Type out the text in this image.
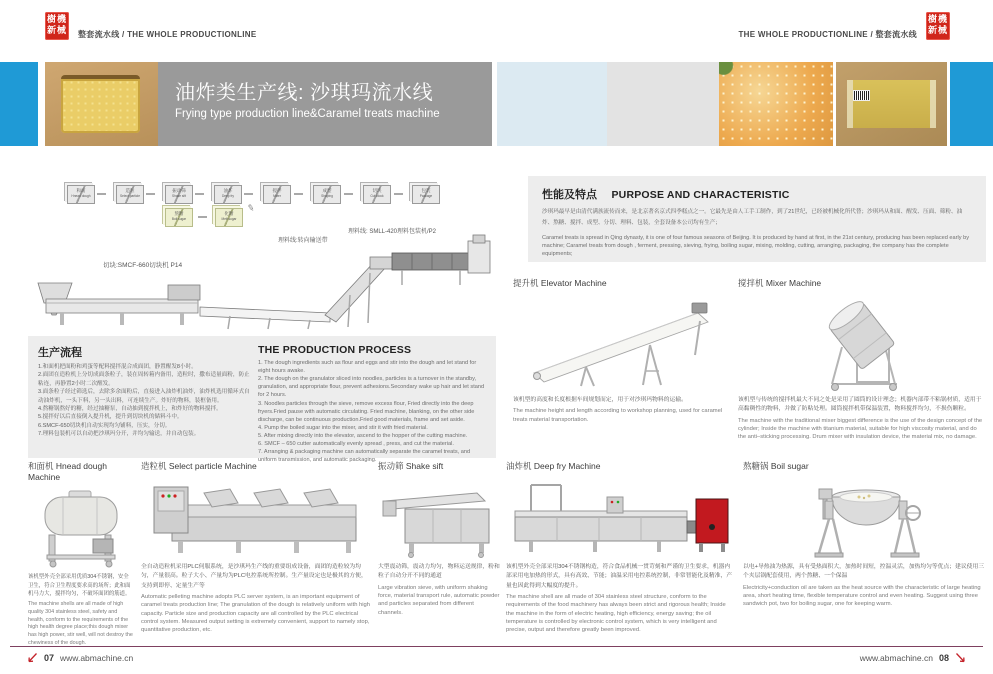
樹機
新械 整套流水线 / THE WHOLE PRODUCTIONLINE	THE WHOLE PRODUCTIONLINE / 整套流水线
樹機
新械
油炸类生产线: 沙琪玛流水线
Frying type production line&Caramel treats machine
和面
Hnead dough
造粒
Select particle
振动筛
Shake sift
油炸
Deep fry
搅拌
Mixer
成型
Shaping
切块
Cut block
包装
Package
熬糖
Boil sugar
化糖
Melt sugar
✎
切块:SMCF-660切块机 P14
理料线:转向输送带
理料线: SMLL-420理料包装机/P2
生产流程
1.和面机把面粉和鸡蛋等配料搅拌混合成面团，静置醒发8小时。
2.面团在造粒机上分切成面条粒子，装在周转箱内备用，造粒时，撒布适量面粉，防止粘连，再静置2小时二次醒发。
3.面条粒子经过筛选后，去除多余面粉后，直接进入油炸机油炸，油炸机选用循环式自动油炸机，一头下料，另一头出料，可连续生产。炸好的物料，装框备用。
4.熬糖锅熬好的糖，经过抽糖泵，自动抽到搅拌机上，和炸好的物料搅拌。
5.搅拌好以后直接倒入提升机，提升到切块机的储料斗中。
6.SMCF-650切块机自动实现均匀铺料，压实，分切。
7.理料包装机可以自动把沙琪玛分开，并均匀输送，并自动包装。
THE PRODUCTION PROCESS
1. The dough ingredients such as flour and eggs and stir into the dough and let stand for eight hours awake.
2. The dough on the granulator sliced into noodles, particles is a turnover in the standby, granulation, and appropriate flour, prevent adhesions.Secondary wake up hair and let stand for 2 hours.
3. Noodles particles through the sieve, remove excess flour, Fried directly into the deep fryers.Fried pause with automatic circulating. Fried machine, blanking, on the other side discharge, can be continuous production.Fried good materials, frame and set aside.
4. Pump the boiled sugar into the mixer, and stir it with fried material.
5. After mixing directly into the elevator, ascend to the hopper of the cutting machine.
6. SMCF – 650 cutter automatically evenly spread , press, and cut the material.
7. Arranging & packaging machine can automatically separate the caramel treats, and uniform transmission, and automatic packaging.
性能及特点 PURPOSE AND CHARACTERISTIC
沙琪玛最早是由清代满族流传而来，是北京著名京式四季糕点之一。它最先是由人工手工制作，到了21世纪，已经被机械化所代替；沙琪玛从和面、醒发、压面、筛粉、油炸、熬糖、搅拌、成型、分切、理料、包装，全套设备本公司均有生产；
Caramel treats is spread in Qing dynasty, it is one of four famous seasons of Beijing. It is produced by hand at first, in the 21st century, producing has been replaced early by machine; Caramel treats from dough , ferment, pressing, sieving, frying, boiling sugar, mixing, molding, cutting, arranging, packaging, the company has the complete equipments;
提升机 Elevator Machine
该机型的高度和长度根据车间规划而定，用于对沙琪玛物料的运输。
The machine height and length according to workshop planning, used for caramel treats material transportation.
搅拌机 Mixer Machine
该机型与传统的搅拌机最大不同之处是采用了圆筒的设计理念；机器内部带不粘锅材质，适用于高黏稠性的物料，并做了防粘处理。圆筒搅拌机带保温装置，物料搅拌均匀，不损伤颗粒。
The machine with the traditional mixer biggest difference is the use of the design concept of the cylinder; Inside the machine with titanium material, suitable for high viscosity material, and do the anti–sticking processing. Drum mixer with insulation device, the material mix, no damage.
和面机 Hnead dough Machine
该机型外壳全部采用优质304不锈钢，安全卫生，符合卫生程度要求高的场所；此和面机马力大，搅拌均匀，不破坏面团的筋道。
The machine shells are all made of high quality 304 stainless steel, safety and health, conform to the requirements of the high health degree place;this dough mixer has high power, stir well, will not destroy the chewiness of the dough.
造粒机 Select particle Machine
全自动造粒机采用PLC伺服系统，是沙琪玛生产线的重要组成设备，面团的造粒较为均匀，产量很高。粒子大小、产量均为PLC电控系统所控制。生产量设定也是极其的方便，支持到即停、定量生产等
Automatic pelleting machine adopts PLC server system, is an important equipment of caramel treats production line; The granulation of the dough is relatively uniform with high capacity. Particle size and production capacity are all controlled by the PLC electrical control system. Measured output setting is extremely convenient, support to namely stop, quantitative production, etc.
振动筛 Shake sift
大型震动筛，震动力均匀，物料运送规律，粉和粒子自动分开不同的通道
Large vibration sieve, with uniform shaking force, material transport rule, automatic powder and particles separated from different channels.
油炸机 Deep fry Machine
该机型外壳全部采用304不锈钢构造，符合食品机械一贯苛刻和严谨的卫生要求，机器内部采用电加热的形式，具有高效、节能；油温采用电控系统控制，非常智能化及精准，产量也因此得到大幅度的提升。
The machine shell are all made of 304 stainless steel structure, conform to the requirements of the food machinery has always been strict and rigorous health; Inside the machine in the form of electric heating, high efficiency, energy saving; the oil temperature is controlled by electronic control system, which is very intelligent and precise, output and therefore greatly been improved.
熬糖锅 Boil sugar
以电+导热油为热源，具有受热面积大，加热时间短，控温灵活，加热均匀等优点；建议使用三个夹层锅配套使用，两个熬糖、一个保温
Electricity+conduction oil are taken as the heat source with the characteristic of large heating area, short heating time, flexible temperature control and even heating. Suggest using three sandwich pot, two for boiling sugar, one for keeping warm.
07 www.abmachine.cn	www.abmachine.cn 08
